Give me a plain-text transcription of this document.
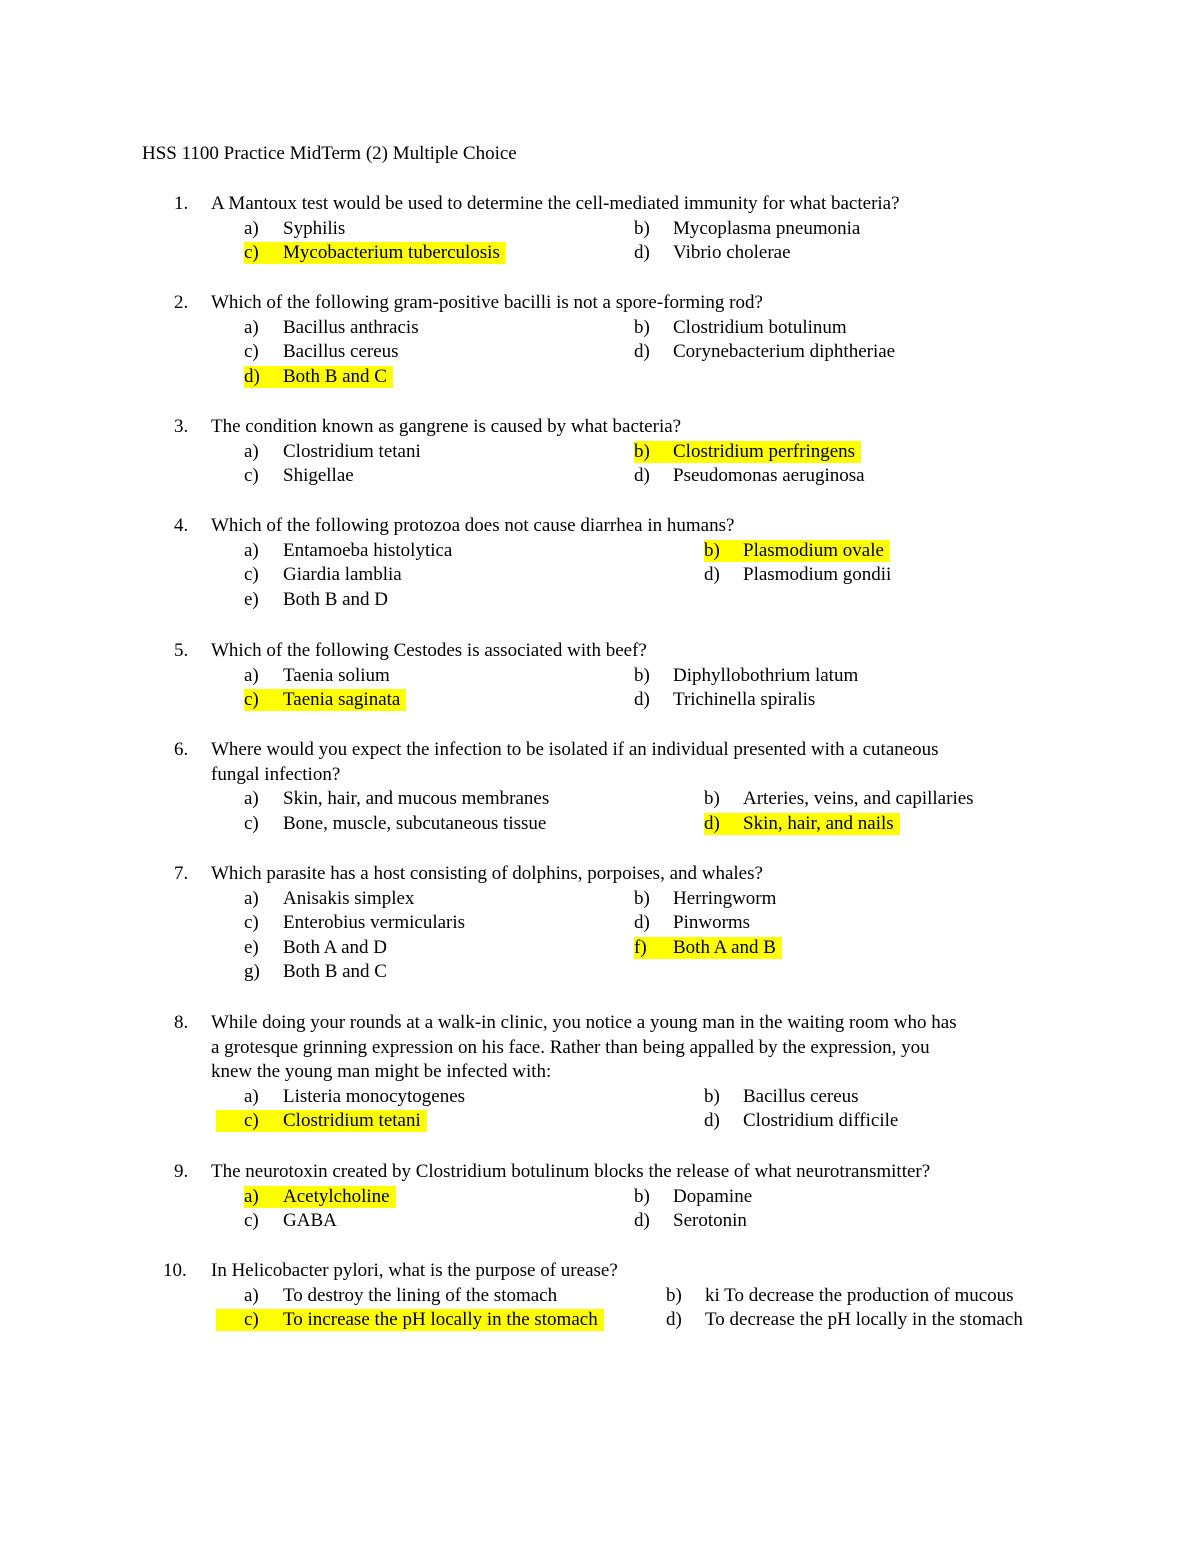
HSS 1100 Practice MidTerm (2) Multiple Choice
1. A Mantoux test would be used to determine the cell-mediated immunity for what bacteria?
a) Syphilis	b) Mycoplasma pneumonia
c) Mycobacterium tuberculosis	d) Vibrio cholerae
2. Which of the following gram-positive bacilli is not a spore-forming rod?
a) Bacillus anthracis	b) Clostridium botulinum
c) Bacillus cereus	d) Corynebacterium diphtheriae
d) Both B and C
3. The condition known as gangrene is caused by what bacteria?
a) Clostridium tetani	b) Clostridium perfringens
c) Shigellae	d) Pseudomonas aeruginosa
4. Which of the following protozoa does not cause diarrhea in humans?
a) Entamoeba histolytica	b) Plasmodium ovale
c) Giardia lamblia	d) Plasmodium gondii
e) Both B and D
5. Which of the following Cestodes is associated with beef?
a) Taenia solium	b) Diphyllobothrium latum
c) Taenia saginata	d) Trichinella spiralis
6. Where would you expect the infection to be isolated if an individual presented with a cutaneous
fungal infection?
a) Skin, hair, and mucous membranes	b) Arteries, veins, and capillaries
c) Bone, muscle, subcutaneous tissue	d) Skin, hair, and nails
7. Which parasite has a host consisting of dolphins, porpoises, and whales?
a) Anisakis simplex	b) Herringworm
c) Enterobius vermicularis	d) Pinworms
e) Both A and D	f) Both A and B
g) Both B and C
8. While doing your rounds at a walk-in clinic, you notice a young man in the waiting room who has
a grotesque grinning expression on his face. Rather than being appalled by the expression, you
knew the young man might be infected with:
a) Listeria monocytogenes	b) Bacillus cereus
c) Clostridium tetani	d) Clostridium difficile
9. The neurotoxin created by Clostridium botulinum blocks the release of what neurotransmitter?
a) Acetylcholine	b) Dopamine
c) GABA	d) Serotonin
10. In Helicobacter pylori, what is the purpose of urease?
a) To destroy the lining of the stomach	b) ki To decrease the production of mucous
c) To increase the pH locally in the stomach	d) To decrease the pH locally in the stomach
